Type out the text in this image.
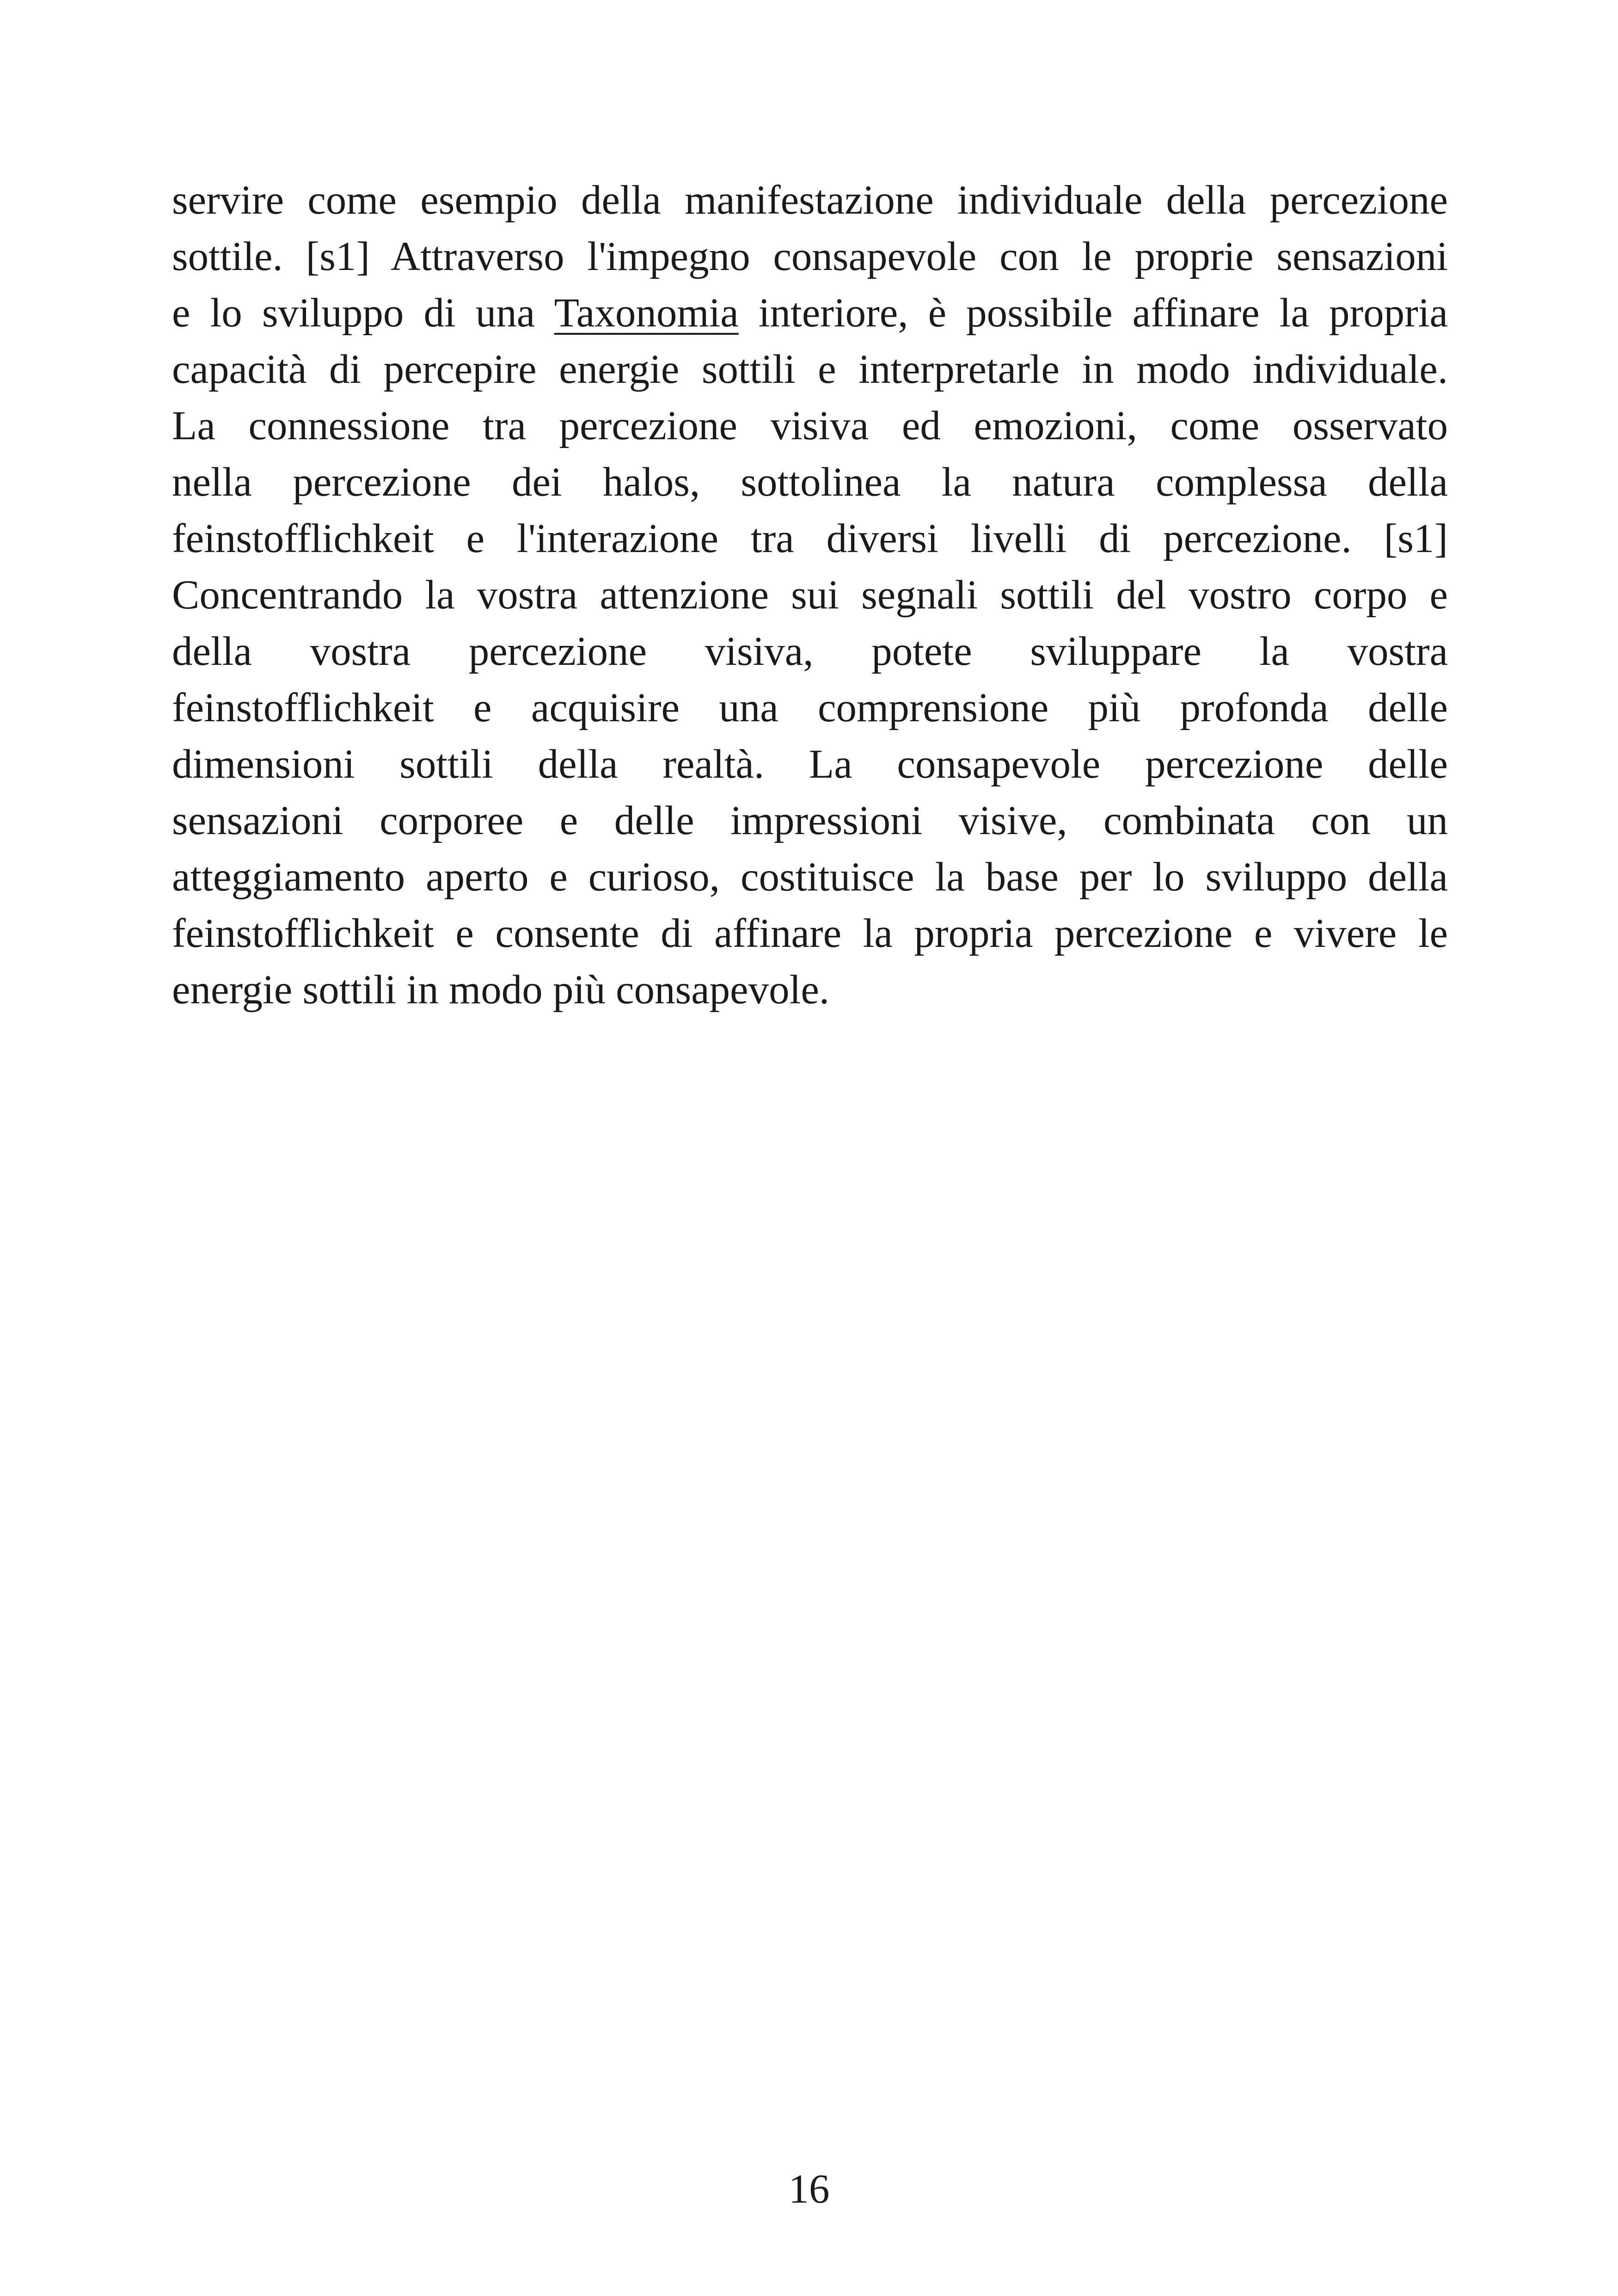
servire come esempio della manifestazione individuale della percezione
sottile. [s1] Attraverso l'impegno consapevole con le proprie sensazioni
e lo sviluppo di una Taxonomia interiore, è possibile affinare la propria
capacità di percepire energie sottili e interpretarle in modo individuale.
La connessione tra percezione visiva ed emozioni, come osservato
nella percezione dei halos, sottolinea la natura complessa della
feinstofflichkeit e l'interazione tra diversi livelli di percezione. [s1]
Concentrando la vostra attenzione sui segnali sottili del vostro corpo e
della vostra percezione visiva, potete sviluppare la vostra
feinstofflichkeit e acquisire una comprensione più profonda delle
dimensioni sottili della realtà. La consapevole percezione delle
sensazioni corporee e delle impressioni visive, combinata con un
atteggiamento aperto e curioso, costituisce la base per lo sviluppo della
feinstofflichkeit e consente di affinare la propria percezione e vivere le
energie sottili in modo più consapevole.
16
